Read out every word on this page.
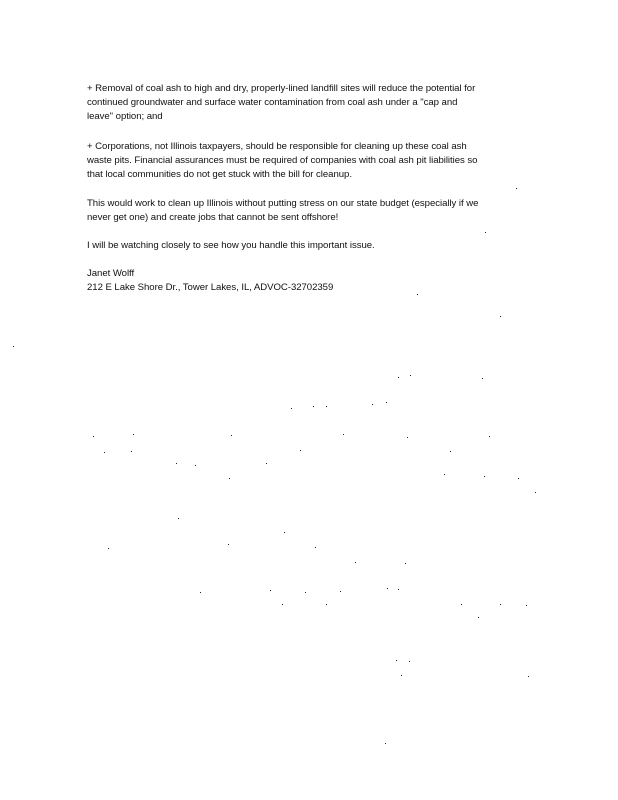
+ Removal of coal ash to high and dry, properly-lined landfill sites will reduce the potential for
continued groundwater and surface water contamination from coal ash under a "cap and
leave" option; and

+ Corporations, not Illinois taxpayers, should be responsible for cleaning up these coal ash
waste pits. Financial assurances must be required of companies with coal ash pit liabilities so
that local communities do not get stuck with the bill for cleanup.

This would work to clean up Illinois without putting stress on our state budget (especially if we
never get one) and create jobs that cannot be sent offshore!

I will be watching closely to see how you handle this important issue.

Janet Wolff
212 E Lake Shore Dr., Tower Lakes, IL, ADVOC-32702359
